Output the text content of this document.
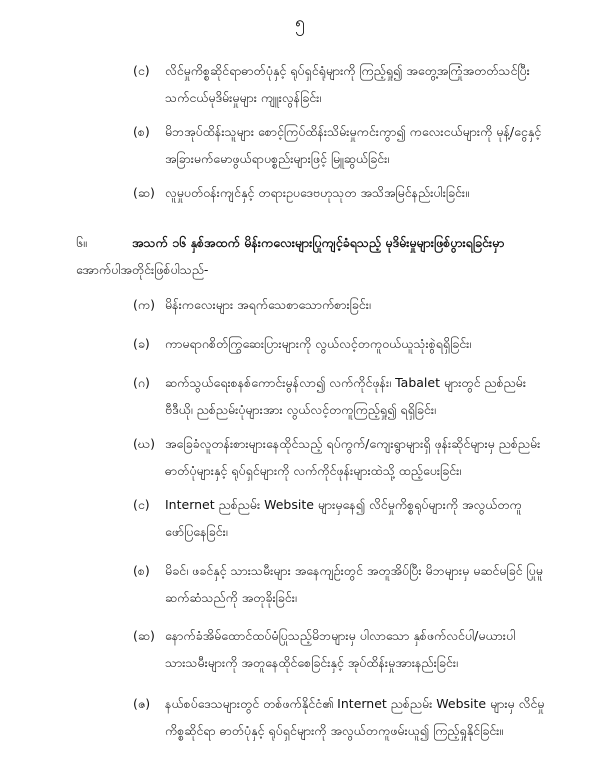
၅
(င)	လိင်မှုကိစ္စဆိုင်ရာဓာတ်ပုံနှင့် ရုပ်ရှင်ရုံများကို ကြည့်ရှု၍ အတွေ့အကြုံအတတ်သင်ပြီး သက်ငယ်မုဒိမ်းမှုများ ကျူးလွန်ခြင်း၊
(စ)	မိဘအုပ်ထိန်းသူများ စောင့်ကြပ်ထိန်းသိမ်းမှုကင်းကွာ၍ ကလေးငယ်များကို မုန့်/ငွေနှင့် အခြားမက်မောဖွယ်ရာပစ္စည်းများဖြင့် မြူဆွယ်ခြင်း၊
(ဆ) လူမှုပတ်ဝန်းကျင်နှင့် တရားဥပဒေဗဟုသုတ အသိအမြင်နည်းပါးခြင်း။
၆။	အသက် ၁၆ နှစ်အထက် မိန်းကလေးများပြုကျင့်ခံရသည့် မုဒိမ်းမှုများဖြစ်ပွားရခြင်းမှာ
အောက်ပါအတိုင်းဖြစ်ပါသည်-
(က) မိန်းကလေးများ အရက်သေစာသောက်စားခြင်း၊
(ခ)	ကာမရာဂစိတ်ကြွဆေးပြားများကို လွယ်လင့်တကူဝယ်ယူသုံးစွဲရရှိခြင်း၊
(ဂ)	ဆက်သွယ်ရေးစနစ်ကောင်းမွန်လာ၍ လက်ကိုင်ဖုန်း၊ Tabalet များတွင် ညစ်ညမ်း ဗီဒီယို၊ ညစ်ညမ်းပုံများအား လွယ်လင့်တကူကြည့်ရှု၍ ရရှိခြင်း၊
(ဃ) အခြေခံလူတန်းစားများနေထိုင်သည့် ရပ်ကွက်/ကျေးရွာများရှိ ဖုန်းဆိုင်များမှ ညစ်ညမ်းဓာတ်ပုံများနှင့် ရုပ်ရှင်များကို လက်ကိုင်ဖုန်းများထဲသို့ ထည့်ပေးခြင်း၊
(င)	Internet ညစ်ညမ်း Website များမှနေ၍ လိင်မှုကိစ္စရုပ်များကို အလွယ်တကူ ဖော်ပြနေခြင်း၊
(စ)	မိခင်၊ ဖခင်နှင့် သားသမီးများ အနေကျဉ်းတွင် အတူအိပ်ပြီး မိဘများမှ မဆင်မခြင် ပြုမူဆက်ဆံသည်ကို အတုခိုးခြင်း၊
(ဆ) နောက်ခံအိမ်ထောင်ထပ်မံပြုသည့်မိဘများမှ ပါလာသော နှစ်ဖက်လင်ပါ/မယားပါ သားသမီးများကို အတူနေထိုင်စေခြင်းနှင့် အုပ်ထိန်းမှုအားနည်းခြင်း၊
(ဇ)	နယ်စပ်ဒေသများတွင် တစ်ဖက်နိုင်ငံ၏ Internet ညစ်ညမ်း Website များမှ လိင်မှု ကိစ္စဆိုင်ရာ ဓာတ်ပုံနှင့် ရုပ်ရှင်များကို အလွယ်တကူဖမ်းယူ၍ ကြည့်ရှုနိုင်ခြင်း။
